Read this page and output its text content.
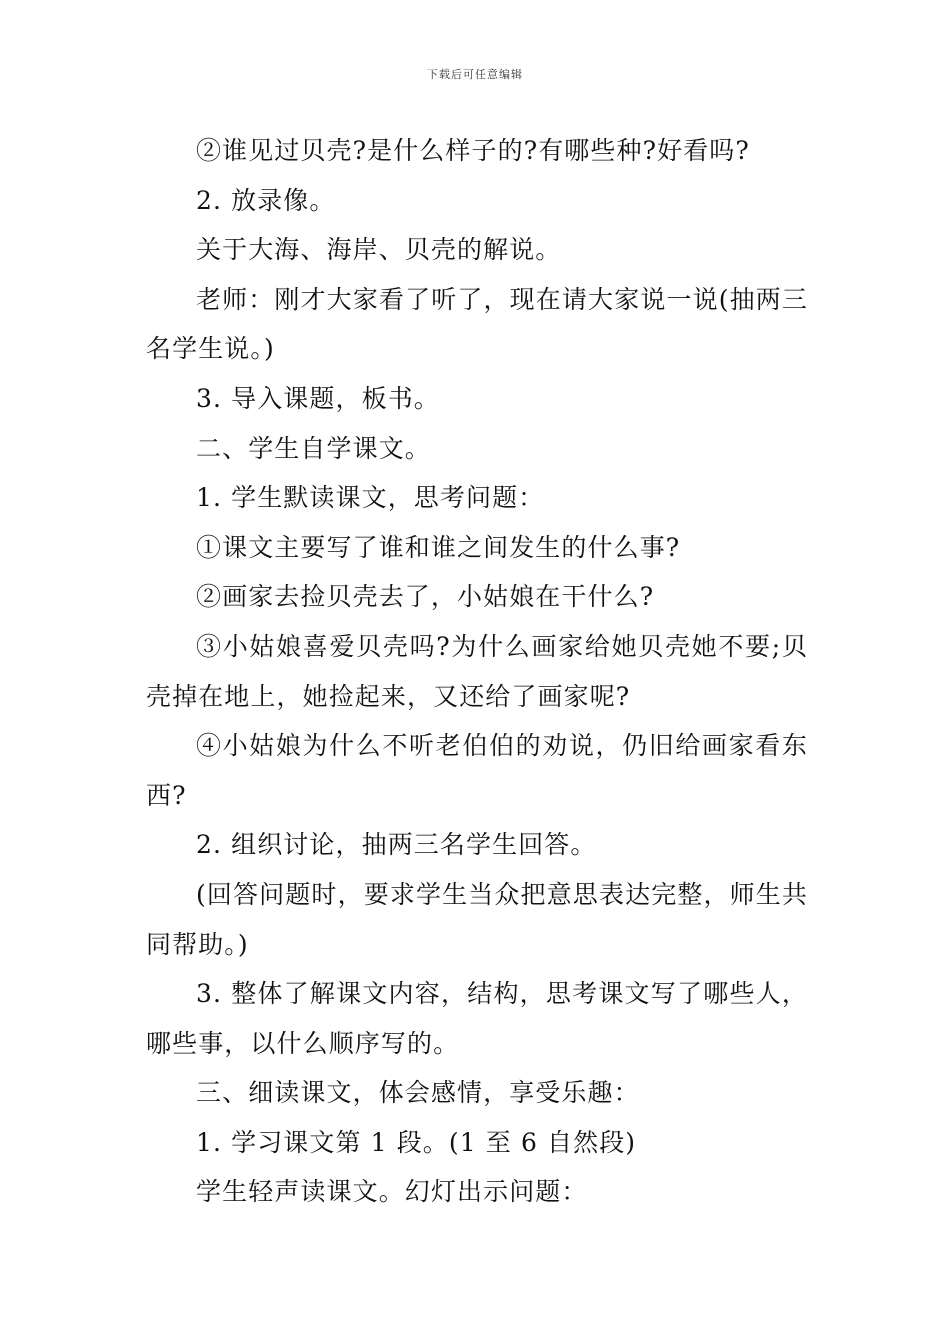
下载后可任意编辑

②谁见过贝壳?是什么样子的?有哪些种?好看吗?

2. 放录像。

关于大海、海岸、贝壳的解说。

老师：刚才大家看了听了，现在请大家说一说(抽两三名学生说。)

3. 导入课题，板书。

二、学生自学课文。

1. 学生默读课文，思考问题：

①课文主要写了谁和谁之间发生的什么事?

②画家去捡贝壳去了，小姑娘在干什么?

③小姑娘喜爱贝壳吗?为什么画家给她贝壳她不要;贝壳掉在地上，她捡起来，又还给了画家呢?

④小姑娘为什么不听老伯伯的劝说，仍旧给画家看东西?

2. 组织讨论，抽两三名学生回答。

(回答问题时，要求学生当众把意思表达完整，师生共同帮助。)

3. 整体了解课文内容，结构，思考课文写了哪些人，哪些事，以什么顺序写的。

三、细读课文，体会感情，享受乐趣：

1. 学习课文第 1 段。(1 至 6 自然段)

学生轻声读课文。幻灯出示问题：
